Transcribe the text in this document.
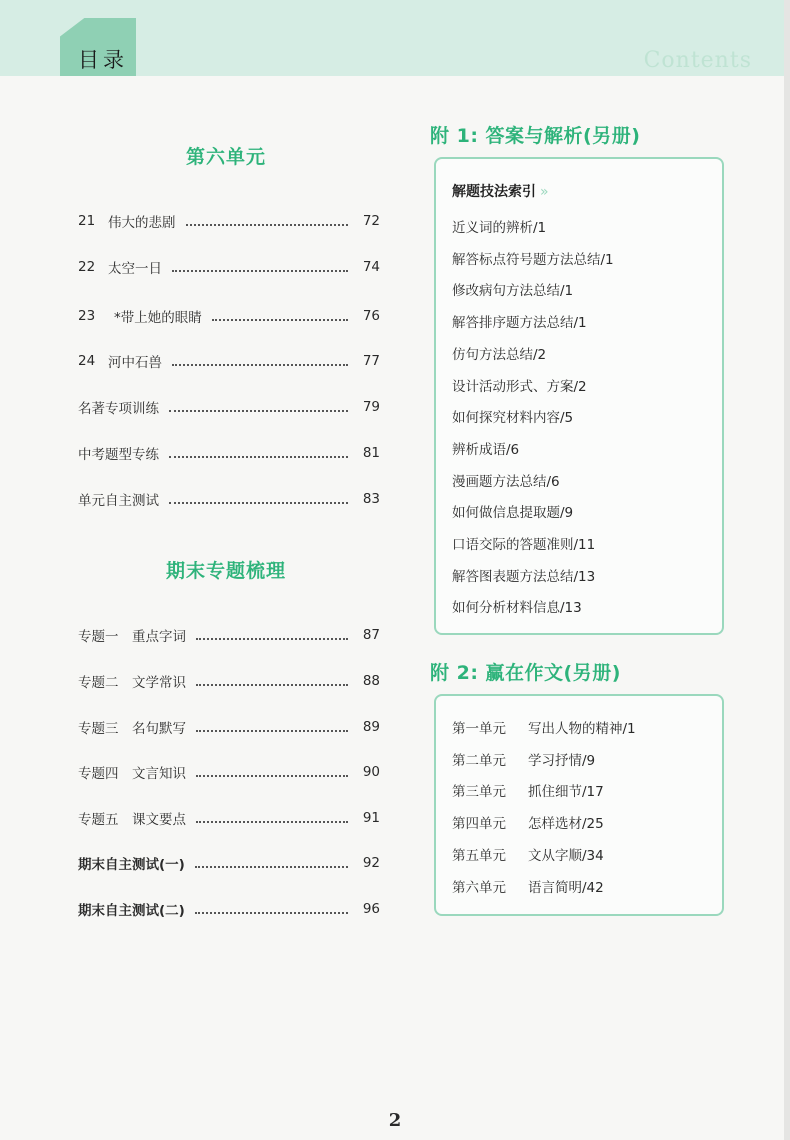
目录	Contents
第六单元
21 伟大的悲剧	72
22 太空一日	74
23	*带上她的眼睛	76
24 河中石兽	77
名著专项训练	79
中考题型专练	81
单元自主测试	83
期末专题梳理
专题一　重点字词	87
专题二　文学常识	88
专题三　名句默写	89
专题四　文言知识	90
专题五　课文要点	91
期末自主测试(一)	92
期末自主测试(二)	96
附 1: 答案与解析(另册)
解题技法索引 »
近义词的辨析/1
解答标点符号题方法总结/1
修改病句方法总结/1
解答排序题方法总结/1
仿句方法总结/2
设计活动形式、方案/2
如何探究材料内容/5
辨析成语/6
漫画题方法总结/6
如何做信息提取题/9
口语交际的答题准则/11
解答图表题方法总结/13
如何分析材料信息/13
附 2: 赢在作文(另册)
第一单元 写出人物的精神/1
第二单元 学习抒情/9
第三单元 抓住细节/17
第四单元 怎样选材/25
第五单元 文从字顺/34
第六单元 语言简明/42
2
